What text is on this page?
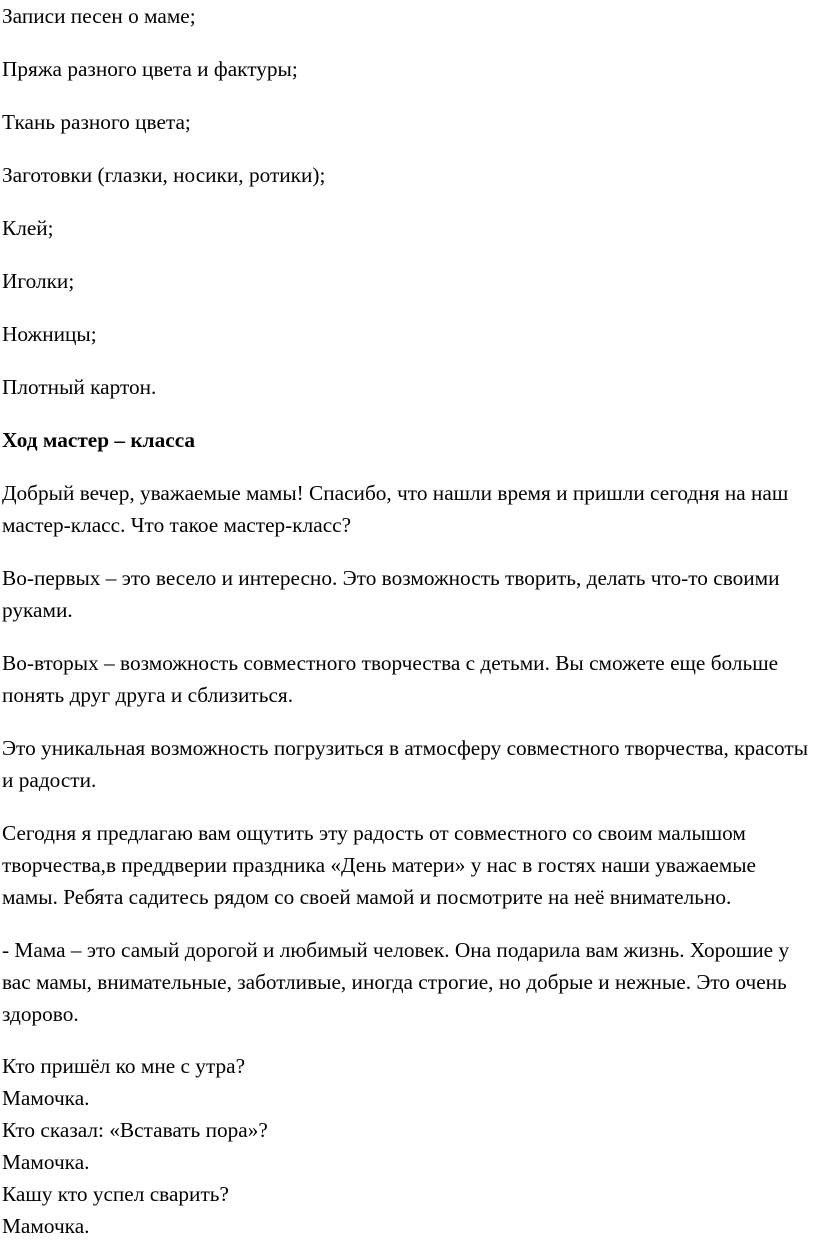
Записи песен о маме;

Пряжа разного цвета и фактуры;

Ткань разного цвета;

Заготовки (глазки, носики, ротики);

Клей;

Иголки;

Ножницы;

Плотный картон.

Ход мастер – класса

Добрый вечер, уважаемые мамы! Спасибо, что нашли время и пришли сегодня на наш мастер-класс. Что такое мастер-класс?

Во-первых – это весело и интересно. Это возможность творить, делать что-то своими руками.

Во-вторых – возможность совместного творчества с детьми. Вы сможете еще больше понять друг друга и сблизиться.

Это уникальная возможность погрузиться в атмосферу совместного творчества, красоты и радости.

Сегодня я предлагаю вам ощутить эту радость от совместного со своим малышом творчества,в преддверии праздника «День матери» у нас в гостях наши уважаемые мамы. Ребята садитесь рядом со своей мамой и посмотрите на неё внимательно.

- Мама – это самый дорогой и любимый человек. Она подарила вам жизнь. Хорошие у вас мамы, внимательные, заботливые, иногда строгие, но добрые и нежные. Это очень здорово.

Кто пришёл ко мне с утра?
Мамочка.
Кто сказал: «Вставать пора»?
Мамочка.
Кашу кто успел сварить?
Мамочка.
